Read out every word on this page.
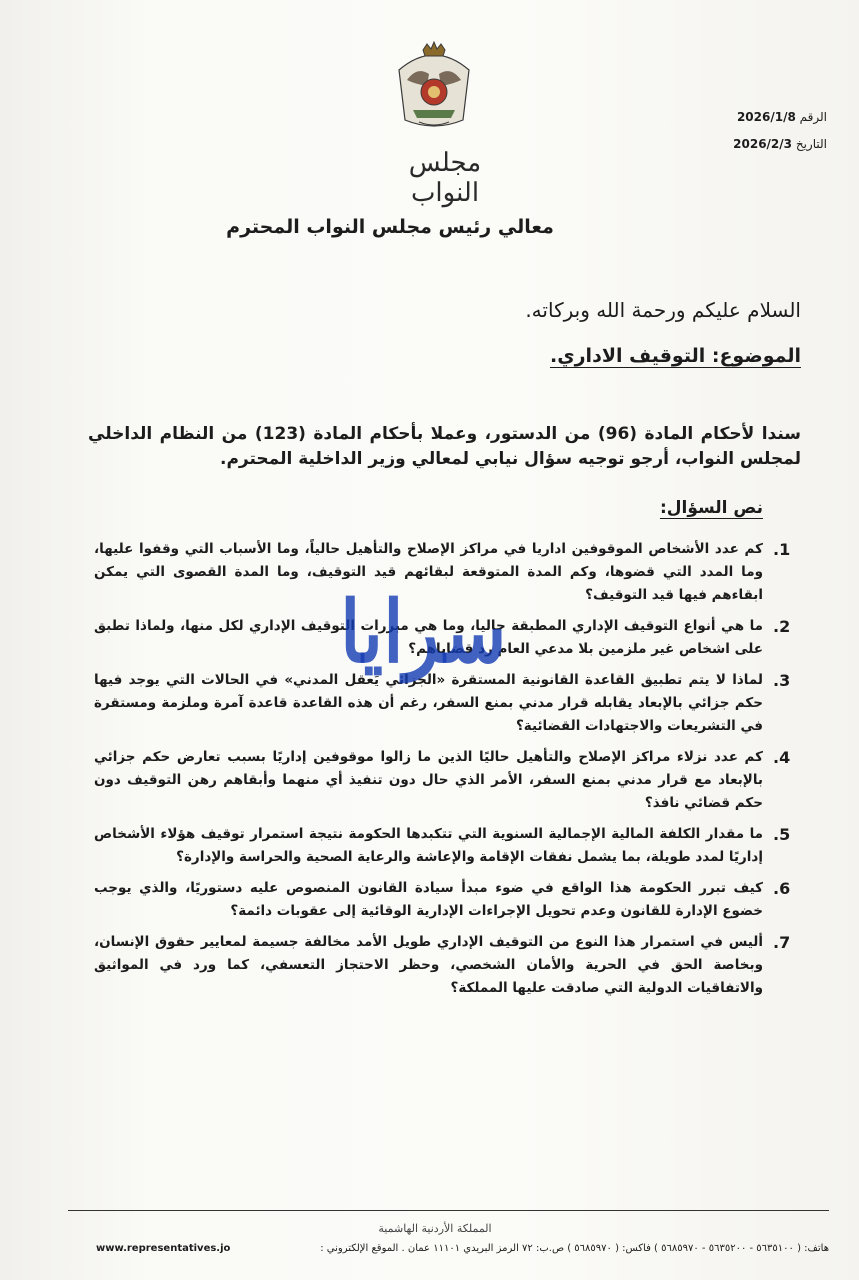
مجلس النواب
الرقم 2026/1/8
التاريخ 2026/2/3
معالي رئيس مجلس النواب المحترم
السلام عليكم ورحمة الله وبركاته.
الموضوع: التوقيف الاداري.
سندا لأحكام المادة (96) من الدستور، وعملا بأحكام المادة (123) من النظام الداخلي لمجلس النواب، أرجو توجيه سؤال نيابي لمعالي وزير الداخلية المحترم.
نص السؤال:
1.
كم عدد الأشخاص الموقوفين اداريا في مراكز الإصلاح والتأهيل حالياً، وما الأسباب التي وقفوا عليها، وما المدد التي قضوها، وكم المدة المتوقعة لبقائهم قيد التوقيف، وما المدة القصوى التي يمكن ابقاءهم فيها قيد التوقيف؟
2.
ما هي أنواع التوقيف الإداري المطبقة حاليا، وما هي مبررات التوقيف الإداري لكل منها، ولماذا تطبق على اشخاص غير ملزمين بلا مدعي العام رد قضاياهم؟
3.
لماذا لا يتم تطبيق القاعدة القانونية المستقرة «الجزائي يَعقل المدني» في الحالات التي يوجد فيها حكم جزائي بالإبعاد يقابله قرار مدني بمنع السفر، رغم أن هذه القاعدة قاعدة آمرة وملزمة ومستقرة في التشريعات والاجتهادات القضائية؟
4.
كم عدد نزلاء مراكز الإصلاح والتأهيل حاليًا الذين ما زالوا موقوفين إداريًا بسبب تعارض حكم جزائي بالإبعاد مع قرار مدني بمنع السفر، الأمر الذي حال دون تنفيذ أي منهما وأبقاهم رهن التوقيف دون حكم قضائي نافذ؟
5.
ما مقدار الكلفة المالية الإجمالية السنوية التي تتكبدها الحكومة نتيجة استمرار توقيف هؤلاء الأشخاص إداريًا لمدد طويلة، بما يشمل نفقات الإقامة والإعاشة والرعاية الصحية والحراسة والإدارة؟
6.
كيف تبرر الحكومة هذا الواقع في ضوء مبدأ سيادة القانون المنصوص عليه دستوريًا، والذي يوجب خضوع الإدارة للقانون وعدم تحويل الإجراءات الإدارية الوقائية إلى عقوبات دائمة؟
7.
أليس في استمرار هذا النوع من التوقيف الإداري طويل الأمد مخالفة جسيمة لمعايير حقوق الإنسان، وبخاصة الحق في الحرية والأمان الشخصي، وحظر الاحتجاز التعسفي، كما ورد في المواثيق والاتفاقيات الدولية التي صادقت عليها المملكة؟
سرايا
المملكة الأردنية الهاشمية
هاتف: ( ٥٦٣٥١٠٠ - ٥٦٣٥٢٠٠ - ٥٦٨٥٩٧٠ ) فاكس: ( ٥٦٨٥٩٧٠ ) ص.ب: ٧٢ الرمز البريدي ١١١٠١ عمان . الموقع الإلكتروني :
www.representatives.jo
